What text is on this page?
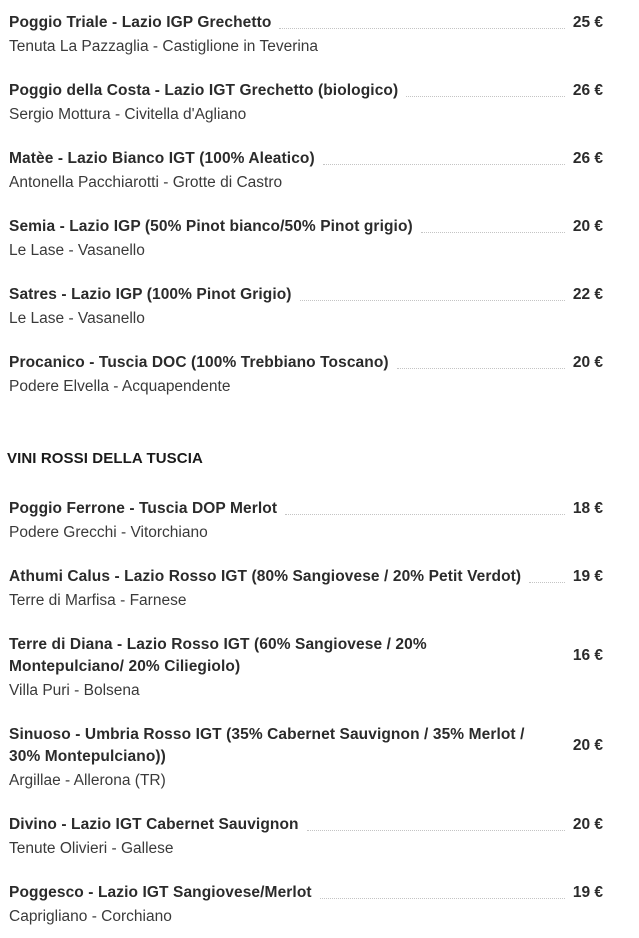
Poggio Triale - Lazio IGP Grechetto	25 €
Tenuta La Pazzaglia - Castiglione in Teverina
Poggio della Costa - Lazio IGT Grechetto (biologico)	26 €
Sergio Mottura - Civitella d'Agliano
Matèe - Lazio Bianco IGT (100% Aleatico)	26 €
Antonella Pacchiarotti - Grotte di Castro
Semia - Lazio IGP (50% Pinot bianco/50% Pinot grigio)	20 €
Le Lase - Vasanello
Satres - Lazio IGP (100% Pinot Grigio)	22 €
Le Lase - Vasanello
Procanico - Tuscia DOC (100% Trebbiano Toscano)	20 €
Podere Elvella - Acquapendente
VINI ROSSI DELLA TUSCIA
Poggio Ferrone - Tuscia DOP Merlot	18 €
Podere Grecchi - Vitorchiano
Athumi Calus - Lazio Rosso IGT (80% Sangiovese / 20% Petit Verdot)	19 €
Terre di Marfisa - Farnese
Terre di Diana - Lazio Rosso IGT (60% Sangiovese / 20%
Montepulciano/ 20% Ciliegiolo)
16 €
Villa Puri - Bolsena
Sinuoso - Umbria Rosso IGT (35% Cabernet Sauvignon / 35% Merlot /
30% Montepulciano))
20 €
Argillae - Allerona (TR)
Divino - Lazio IGT Cabernet Sauvignon	20 €
Tenute Olivieri - Gallese
Poggesco - Lazio IGT Sangiovese/Merlot	19 €
Caprigliano - Corchiano
